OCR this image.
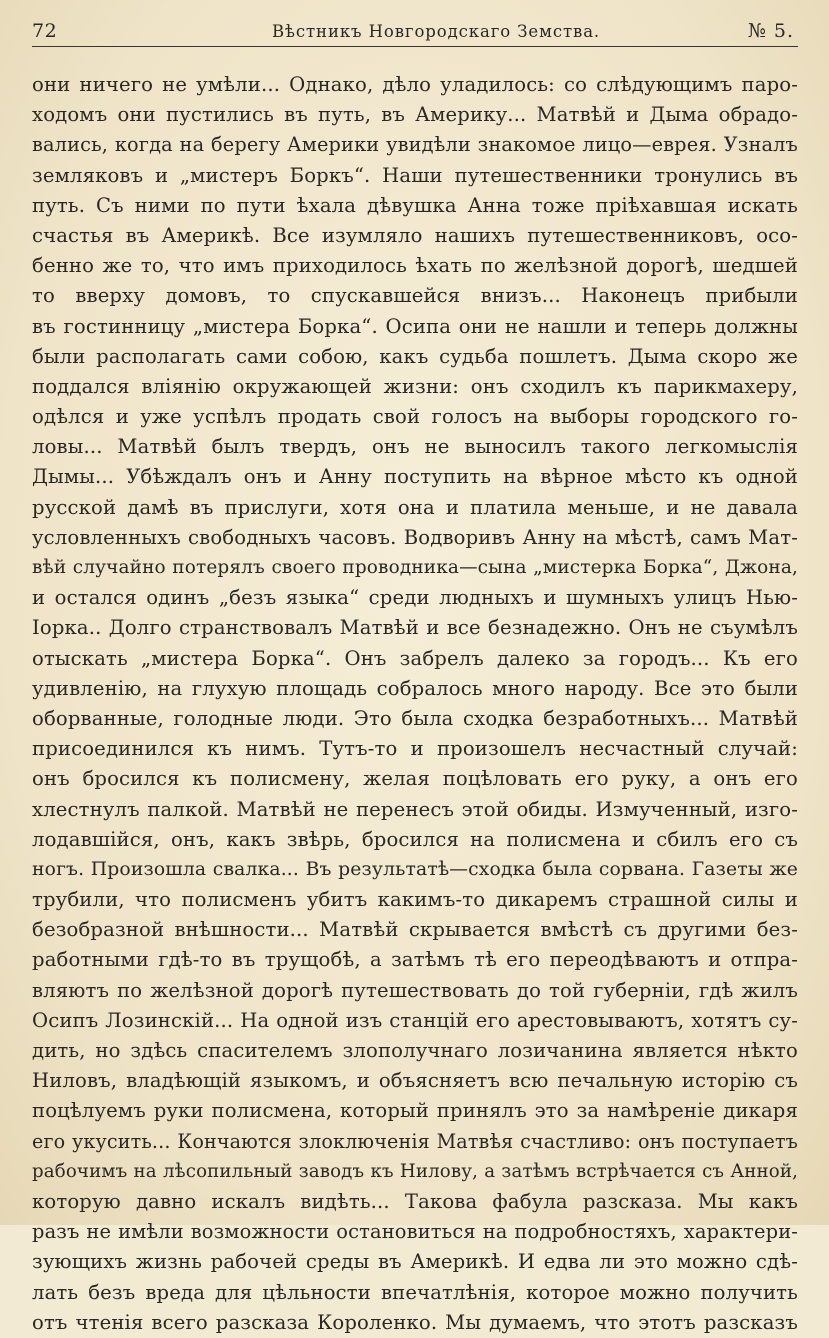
72	Вѣстникъ Новгородскаго Земства.	№ 5.
они ничего не умѣли... Однако, дѣло уладилось: со слѣдующимъ паро-
ходомъ они пустились въ путь, въ Америку... Матвѣй и Дыма обрадо-
вались, когда на берегу Америки увидѣли знакомое лицо—еврея. Узналъ
земляковъ и „мистеръ Боркъ“. Наши путешественники тронулись въ
путь. Съ ними по пути ѣхала дѣвушка Анна тоже пріѣхавшая искать
счастья въ Америкѣ. Все изумляло нашихъ путешественниковъ, осо-
бенно же то, что имъ приходилось ѣхать по желѣзной дорогѣ, шедшей
то вверху домовъ, то спускавшейся внизъ... Наконецъ прибыли
въ гостинницу „мистера Борка“. Осипа они не нашли и теперь должны
были располагать сами собою, какъ судьба пошлетъ. Дыма скоро же
поддался вліянію окружающей жизни: онъ сходилъ къ парикмахеру,
одѣлся и уже успѣлъ продать свой голосъ на выборы городского го-
ловы... Матвѣй былъ твердъ, онъ не выносилъ такого легкомыслія
Дымы... Убѣждалъ онъ и Анну поступить на вѣрное мѣсто къ одной
русской дамѣ въ прислуги, хотя она и платила меньше, и не давала
условленныхъ свободныхъ часовъ. Водворивъ Анну на мѣстѣ, самъ Мат-
вѣй случайно потерялъ своего проводника—сына „мистерка Борка“, Джона,
и остался одинъ „безъ языка“ среди людныхъ и шумныхъ улицъ Нью-
Іорка.. Долго странствовалъ Матвѣй и все безнадежно. Онъ не съумѣлъ
отыскать „мистера Борка“. Онъ забрелъ далеко за городъ... Къ его
удивленію, на глухую площадь собралось много народу. Все это были
оборванные, голодные люди. Это была сходка безработныхъ... Матвѣй
присоединился къ нимъ. Тутъ-то и произошелъ несчастный случай:
онъ бросился къ полисмену, желая поцѣловать его руку, а онъ его
хлестнулъ палкой. Матвѣй не перенесъ этой обиды. Измученный, изго-
лодавшійся, онъ, какъ звѣрь, бросился на полисмена и сбилъ его съ
ногъ. Произошла свалка... Въ результатѣ—сходка была сорвана. Газеты же
трубили, что полисменъ убитъ какимъ-то дикаремъ страшной силы и
безобразной внѣшности... Матвѣй скрывается вмѣстѣ съ другими без-
работными гдѣ-то въ трущобѣ, а затѣмъ тѣ его переодѣваютъ и отпра-
вляютъ по желѣзной дорогѣ путешествовать до той губерніи, гдѣ жилъ
Осипъ Лозинскій... На одной изъ станцій его арестовываютъ, хотятъ су-
дить, но здѣсь спасителемъ злополучнаго лозичанина является нѣкто
Ниловъ, владѣющій языкомъ, и объясняетъ всю печальную исторію съ
поцѣлуемъ руки полисмена, который принялъ это за намѣреніе дикаря
его укусить... Кончаются злоключенія Матвѣя счастливо: онъ поступаетъ
рабочимъ на лѣсопильный заводъ къ Нилову, а затѣмъ встрѣчается съ Анной,
которую давно искалъ видѣть... Такова фабула разсказа. Мы какъ
разъ не имѣли возможности остановиться на подробностяхъ, характери-
зующихъ жизнь рабочей среды въ Америкѣ. И едва ли это можно сдѣ-
лать безъ вреда для цѣльности впечатлѣнія, которое можно получить
отъ чтенія всего разсказа Короленко. Мы думаемъ, что этотъ разсказъ
